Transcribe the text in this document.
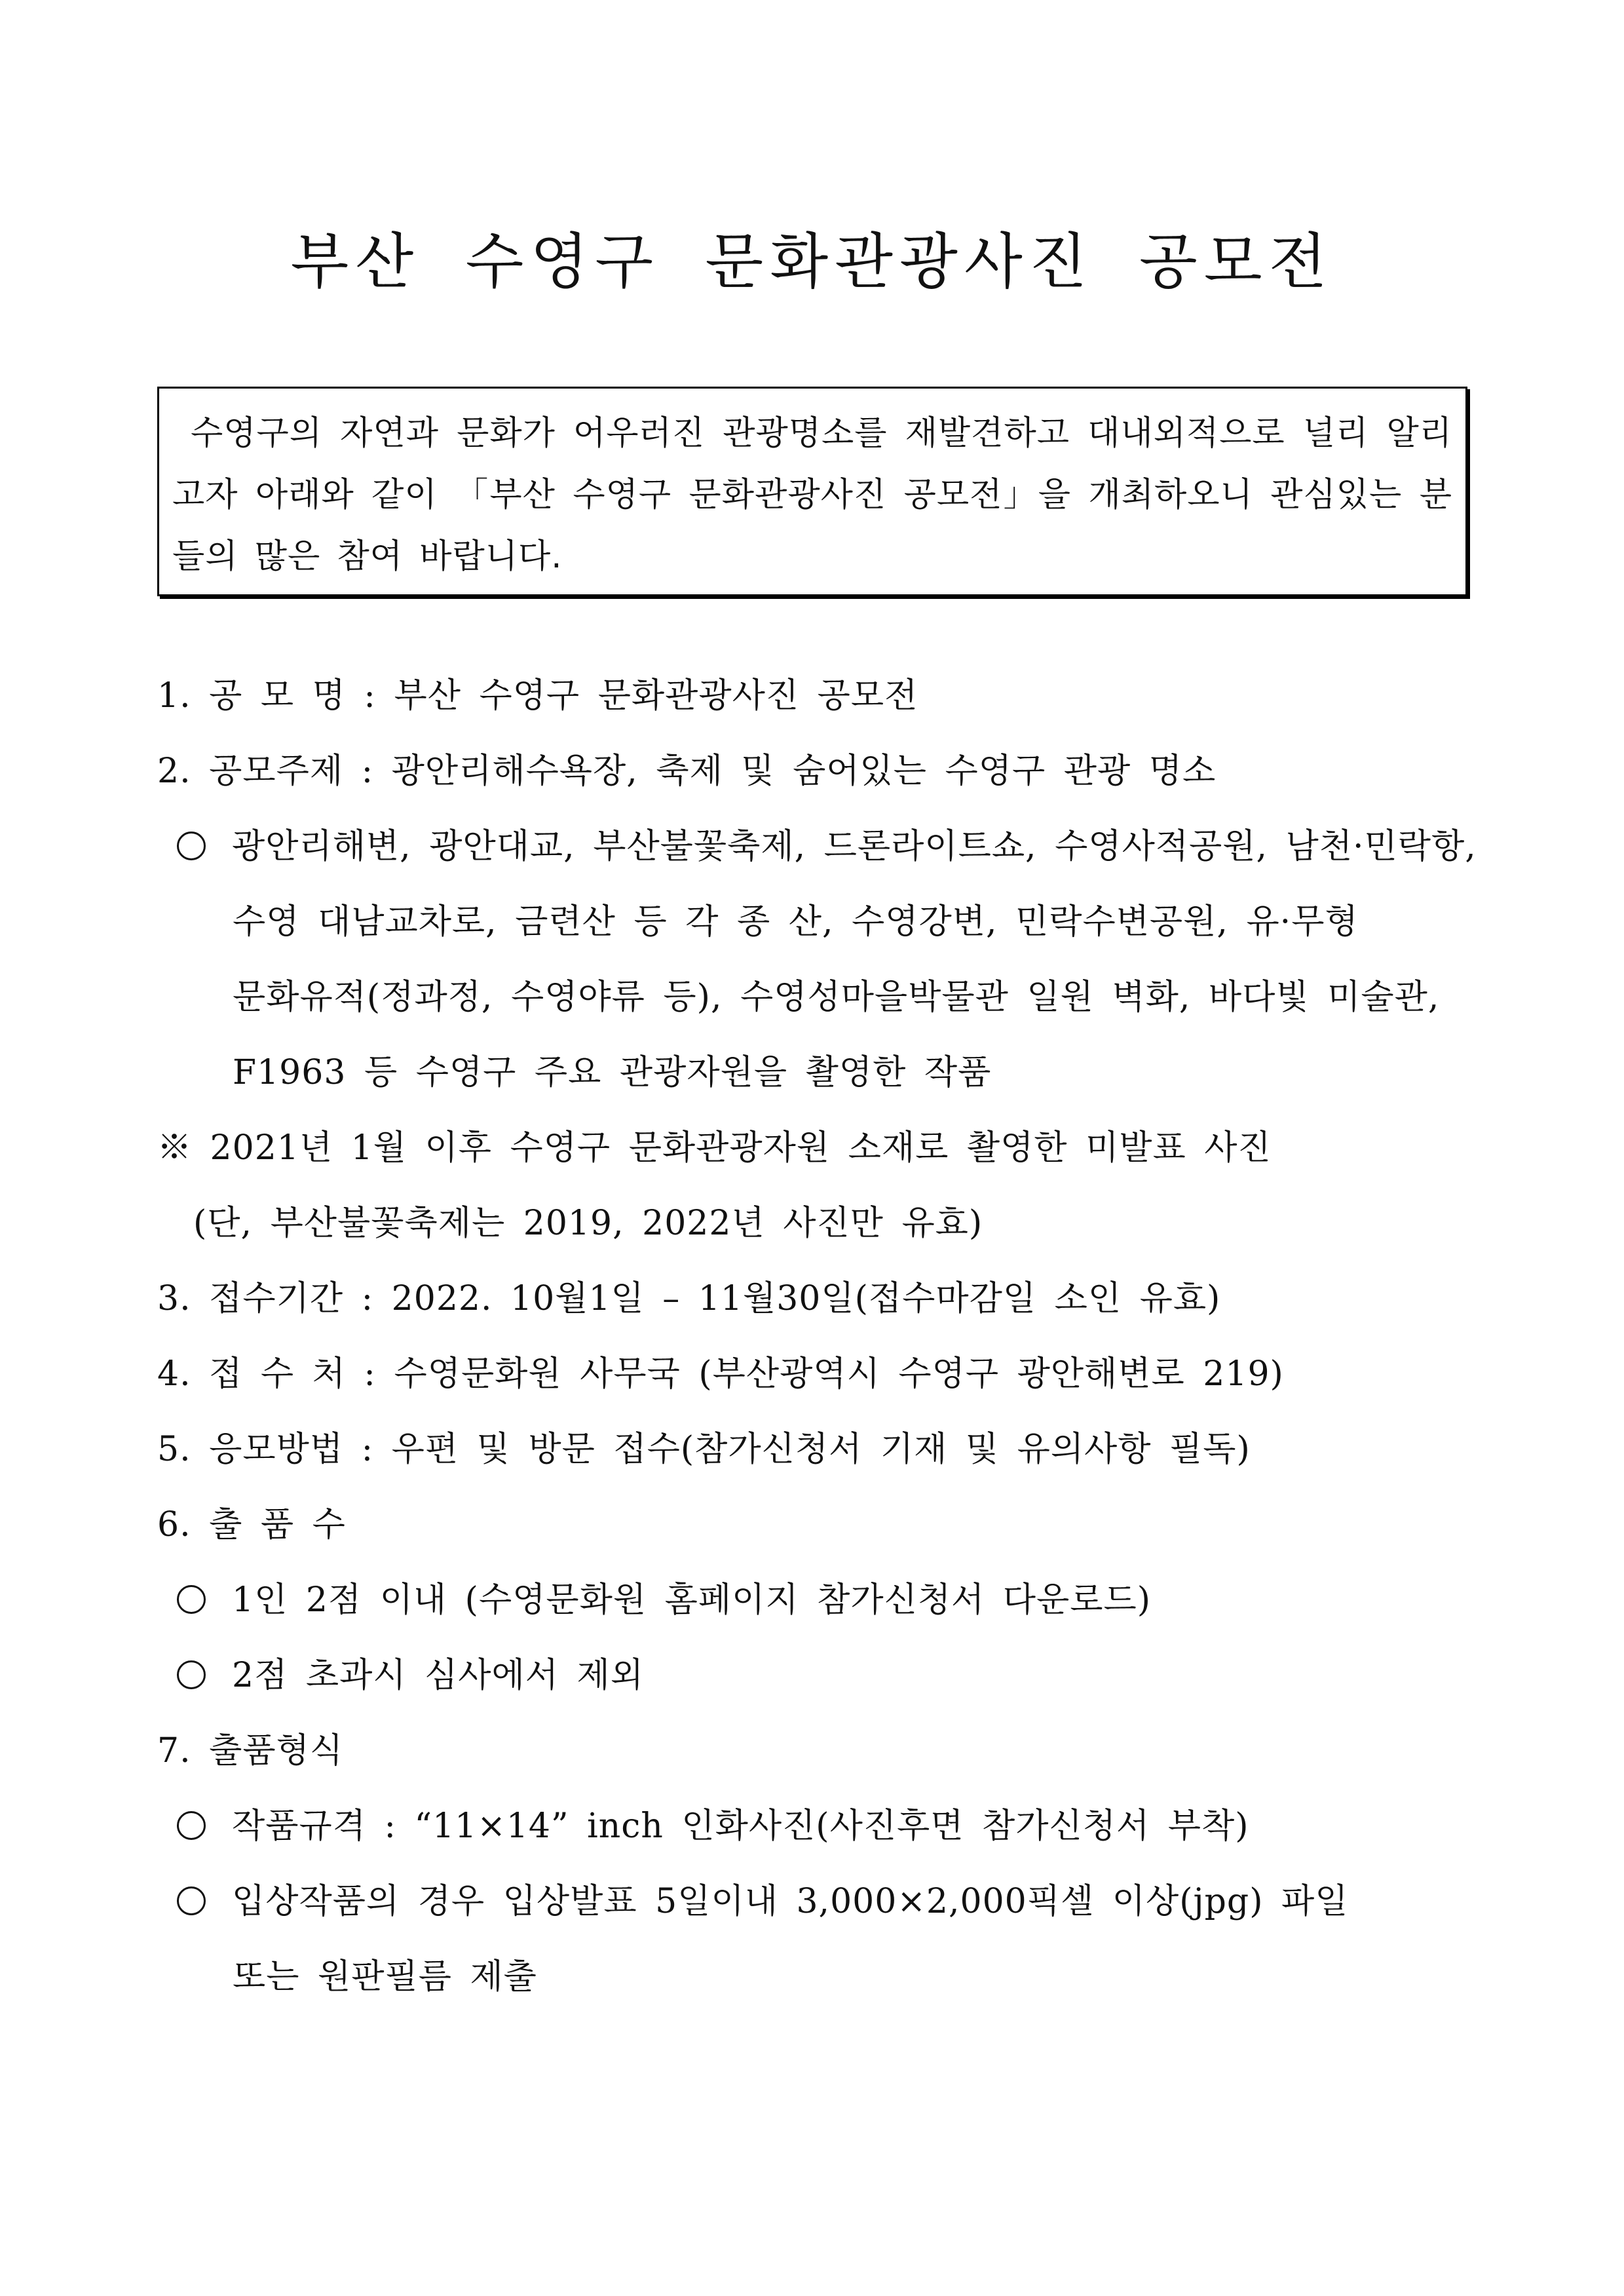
부산 수영구 문화관광사진 공모전
수영구의 자연과 문화가 어우러진 관광명소를 재발견하고 대내외적으로 널리 알리고자 아래와 같이 「부산 수영구 문화관광사진 공모전」을 개최하오니 관심있는 분들의 많은 참여 바랍니다.
1. 공 모 명 : 부산 수영구 문화관광사진 공모전
2. 공모주제 : 광안리해수욕장, 축제 및 숨어있는 수영구 관광 명소
광안리해변, 광안대교, 부산불꽃축제, 드론라이트쇼, 수영사적공원, 남천·민락항,
수영 대남교차로, 금련산 등 각 종 산, 수영강변, 민락수변공원, 유·무형
문화유적(정과정, 수영야류 등), 수영성마을박물관 일원 벽화, 바다빛 미술관,
F1963 등 수영구 주요 관광자원을 촬영한 작품
※ 2021년 1월 이후 수영구 문화관광자원 소재로 촬영한 미발표 사진
(단, 부산불꽃축제는 2019, 2022년 사진만 유효)
3. 접수기간 : 2022. 10월1일 – 11월30일(접수마감일 소인 유효)
4. 접 수 처 : 수영문화원 사무국 (부산광역시 수영구 광안해변로 219)
5. 응모방법 : 우편 및 방문 접수(참가신청서 기재 및 유의사항 필독)
6. 출 품 수
1인 2점 이내 (수영문화원 홈페이지 참가신청서 다운로드)
2점 초과시 심사에서 제외
7. 출품형식
작품규격 : “11×14” inch 인화사진(사진후면 참가신청서 부착)
입상작품의 경우 입상발표 5일이내 3,000×2,000픽셀 이상(jpg) 파일
또는 원판필름 제출
